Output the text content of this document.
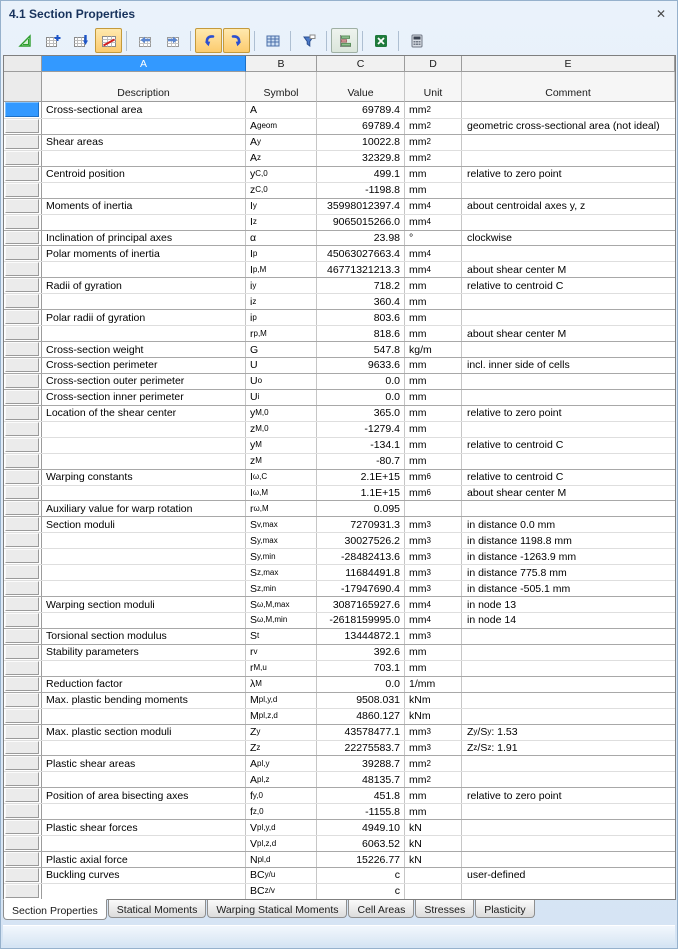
4.1 Section Properties	✕
A	B	C	D	E
Description	Symbol	Value	Unit	Comment
Cross-sectional area	A	69789.4 mm 2
A geom	69789.4 mm 2	geometric cross-sectional area (not ideal)
Shear areas	A y	10022.8 mm 2
A z	32329.8 mm 2
Centroid position	y C,0	499.1 mm	relative to zero point
z C,0	-1198.8 mm
Moments of inertia	I y	35998012397.4 mm 4	about centroidal axes y, z
I z	9065015266.0 mm 4
Inclination of principal axes	α	23.98 °	clockwise
Polar moments of inertia	I p	45063027663.4 mm 4
I p,M	46771321213.3 mm 4	about shear center M
Radii of gyration	i y	718.2 mm	relative to centroid C
i z	360.4 mm
Polar radii of gyration	i p	803.6 mm
r p,M	818.6 mm	about shear center M
Cross-section weight	G	547.8 kg/m
Cross-section perimeter	U	9633.6 mm	incl. inner side of cells
Cross-section outer perimeter	U o	0.0 mm
Cross-section inner perimeter	U i	0.0 mm
Location of the shear center	y M,0	365.0 mm	relative to zero point
z M,0	-1279.4 mm
y M	-134.1 mm	relative to centroid C
z M	-80.7 mm
Warping constants	I ω,C	2.1E+15 mm 6	relative to centroid C
I ω,M	1.1E+15 mm 6	about shear center M
Auxiliary value for warp rotation	r ω,M	0.095
Section moduli	S v,max	7270931.3 mm 3	in distance 0.0 mm
S y,max	30027526.2 mm 3	in distance 1198.8 mm
S y,min	-28482413.6 mm 3	in distance -1263.9 mm
S z,max	11684491.8 mm 3	in distance 775.8 mm
S z,min	-17947690.4 mm 3	in distance -505.1 mm
Warping section moduli	S ω,M,max	3087165927.6 mm 4	in node 13
S ω,M,min	-2618159995.0 mm 4	in node 14
Torsional section modulus	S t	13444872.1 mm 3
Stability parameters	r v	392.6 mm
r M,u	703.1 mm
Reduction factor	λ M	0.0 1/mm
Max. plastic bending moments	M pl,y,d	9508.031 kNm
M pl,z,d	4860.127 kNm
Max. plastic section moduli	Z y	43578477.1 mm 3	Z y /S y : 1.53
Z z	22275583.7 mm 3	Z z /S z : 1.91
Plastic shear areas	A pl,y	39288.7 mm 2
A pl,z	48135.7 mm 2
Position of area bisecting axes	f y,0	451.8 mm	relative to zero point
f z,0	-1155.8 mm
Plastic shear forces	V pl,y,d	4949.10 kN
V pl,z,d	6063.52 kN
Plastic axial force	N pl,d	15226.77 kN
Buckling curves	BC y/u	c	user-defined
BC z/v	c
Section Properties	Statical Moments	Warping Statical Moments	Cell Areas	Stresses	Plasticity
